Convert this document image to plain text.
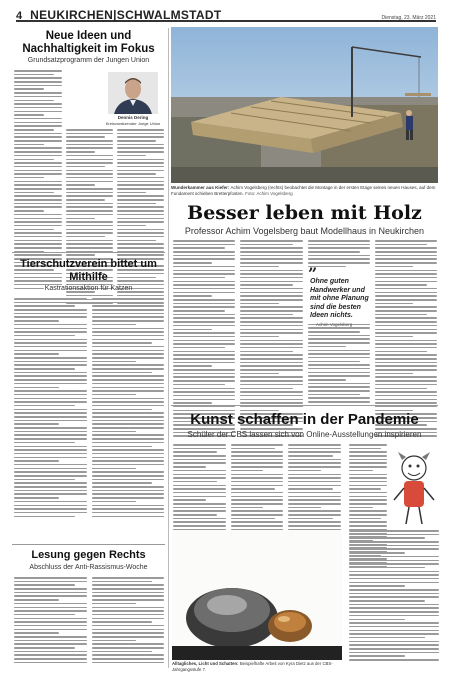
4 NEUKIRCHEN|SCHWALMSTADT	Dienstag, 23. März 2021
Neue Ideen und Nachhaltigkeit im Fokus
Grundsatzprogramm der Jungen Union
Dennis Dering
Kreisvorsitzender Junge Union
Tierschutzverein bittet um Mithilfe
Kastrationsaktion für Katzen
Lesung gegen Rechts
Abschluss der Anti-Rassismus-Woche
Wunderkammer aus Kiefer: Achim Vogelsberg (rechts) beobachtet die Montage in der ersten Etage seines neuen Hauses, auf dem Fundament schieben Bretterpfosten. Foto: Achim Vogelsberg
Besser leben mit Holz
Professor Achim Vogelsberg baut Modellhaus in Neukirchen
”
Ohne guten Handwerker und mit ohne Planung sind die besten Ideen nichts.
Achim Vogelsberg
Kunst schaffen in der Pandemie
Schüler der CBS lassen sich von Online-Ausstellungen inspirieren
Alltagliches, Licht und Schatten: Beispielhafte Arbeit von Kyra Dietz aus der CBS-Jahrgangsstufe 7.
